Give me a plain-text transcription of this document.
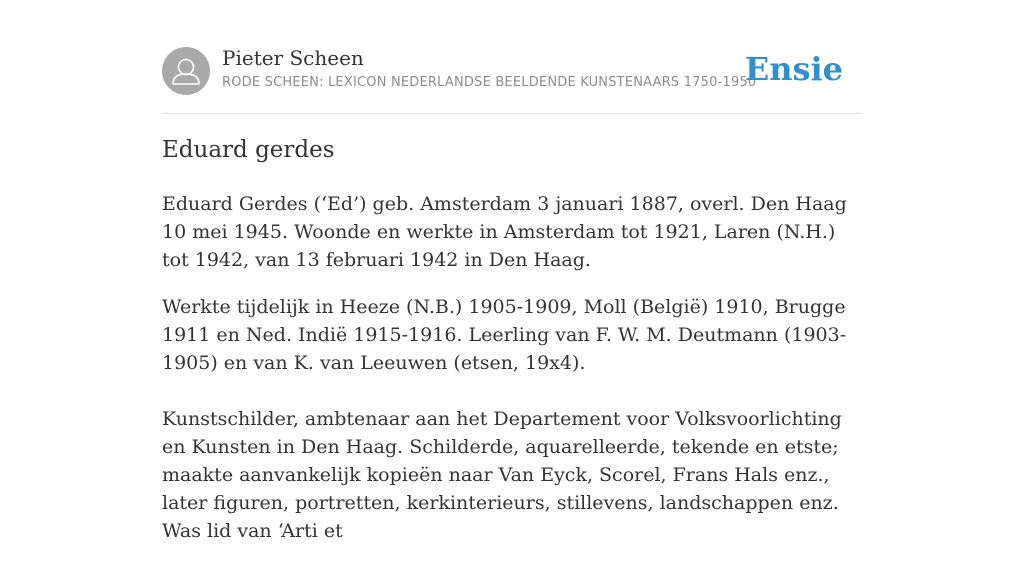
Pieter Scheen
RODE SCHEEN: LEXICON NEDERLANDSE BEELDENDE KUNSTENAARS 1750-1950
Ensie
Eduard gerdes

Eduard Gerdes (‘Ed’) geb. Amsterdam 3 januari 1887, overl. Den Haag 10 mei 1945. Woonde en werkte in Amsterdam tot 1921, Laren (N.H.) tot 1942, van 13 februari 1942 in Den Haag.

Werkte tijdelijk in Heeze (N.B.) 1905-1909, Moll (België) 1910, Brugge 1911 en Ned. Indië 1915-1916. Leerling van F. W. M. Deutmann (1903-1905) en van K. van Leeuwen (etsen, 19x4).

Kunstschilder, ambtenaar aan het Departement voor Volksvoorlichting en Kunsten in Den Haag. Schilderde, aquarelleerde, tekende en etste; maakte aanvankelijk kopieën naar Van Eyck, Scorel, Frans Hals enz., later figuren, portretten, kerkinterieurs, stillevens, landschappen enz. Was lid van ‘Arti et
